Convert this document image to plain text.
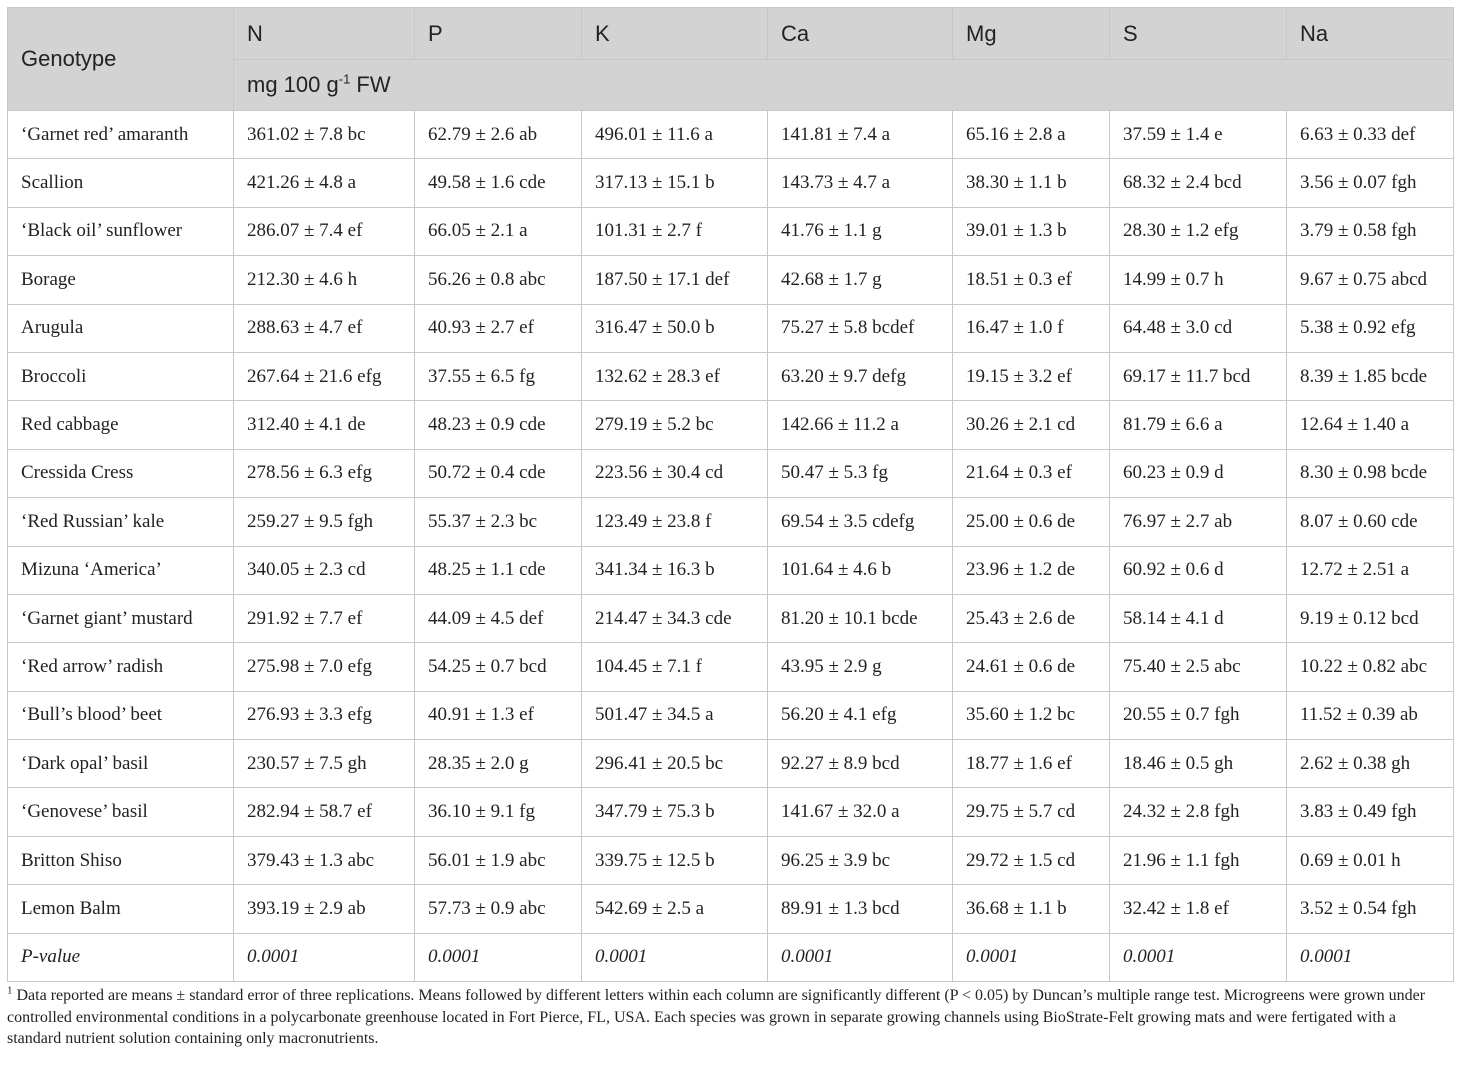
Genotype	N	P	K	Ca	Mg	S	Na
	mg 100 $g^{-1}$ FW						
‘Garnet red’ amaranth	361.02 ± 7.8 bc	62.79 ± 2.6 ab	496.01 ± 11.6 a	141.81 ± 7.4 a	65.16 ± 2.8 a	37.59 ± 1.4 e	6.63 ± 0.33 def
Scallion	421.26 ± 4.8 a	49.58 ± 1.6 cde	317.13 ± 15.1 b	143.73 ± 4.7 a	38.30 ± 1.1 b	68.32 ± 2.4 bcd	3.56 ± 0.07 fgh
‘Black oil’ sunflower	286.07 ± 7.4 ef	66.05 ± 2.1 a	101.31 ± 2.7 f	41.76 ± 1.1 g	39.01 ± 1.3 b	28.30 ± 1.2 efg	3.79 ± 0.58 fgh
Borage	212.30 ± 4.6 h	56.26 ± 0.8 abc	187.50 ± 17.1 def	42.68 ± 1.7 g	18.51 ± 0.3 ef	14.99 ± 0.7 h	9.67 ± 0.75 abcd
Arugula	288.63 ± 4.7 ef	40.93 ± 2.7 ef	316.47 ± 50.0 b	75.27 ± 5.8 bcdef	16.47 ± 1.0 f	64.48 ± 3.0 cd	5.38 ± 0.92 efg
Broccoli	267.64 ± 21.6 efg	37.55 ± 6.5 fg	132.62 ± 28.3 ef	63.20 ± 9.7 defg	19.15 ± 3.2 ef	69.17 ± 11.7 bcd	8.39 ± 1.85 bcde
Red cabbage	312.40 ± 4.1 de	48.23 ± 0.9 cde	279.19 ± 5.2 bc	142.66 ± 11.2 a	30.26 ± 2.1 cd	81.79 ± 6.6 a	12.64 ± 1.40 a
Cressida Cress	278.56 ± 6.3 efg	50.72 ± 0.4 cde	223.56 ± 30.4 cd	50.47 ± 5.3 fg	21.64 ± 0.3 ef	60.23 ± 0.9 d	8.30 ± 0.98 bcde
‘Red Russian’ kale	259.27 ± 9.5 fgh	55.37 ± 2.3 bc	123.49 ± 23.8 f	69.54 ± 3.5 cdefg	25.00 ± 0.6 de	76.97 ± 2.7 ab	8.07 ± 0.60 cde
Mizuna ‘America’	340.05 ± 2.3 cd	48.25 ± 1.1 cde	341.34 ± 16.3 b	101.64 ± 4.6 b	23.96 ± 1.2 de	60.92 ± 0.6 d	12.72 ± 2.51 a
‘Garnet giant’ mustard	291.92 ± 7.7 ef	44.09 ± 4.5 def	214.47 ± 34.3 cde	81.20 ± 10.1 bcde	25.43 ± 2.6 de	58.14 ± 4.1 d	9.19 ± 0.12 bcd
‘Red arrow’ radish	275.98 ± 7.0 efg	54.25 ± 0.7 bcd	104.45 ± 7.1 f	43.95 ± 2.9 g	24.61 ± 0.6 de	75.40 ± 2.5 abc	10.22 ± 0.82 abc
‘Bull’s blood’ beet	276.93 ± 3.3 efg	40.91 ± 1.3 ef	501.47 ± 34.5 a	56.20 ± 4.1 efg	35.60 ± 1.2 bc	20.55 ± 0.7 fgh	11.52 ± 0.39 ab
‘Dark opal’ basil	230.57 ± 7.5 gh	28.35 ± 2.0 g	296.41 ± 20.5 bc	92.27 ± 8.9 bcd	18.77 ± 1.6 ef	18.46 ± 0.5 gh	2.62 ± 0.38 gh
‘Genovese’ basil	282.94 ± 58.7 ef	36.10 ± 9.1 fg	347.79 ± 75.3 b	141.67 ± 32.0 a	29.75 ± 5.7 cd	24.32 ± 2.8 fgh	3.83 ± 0.49 fgh
Britton Shiso	379.43 ± 1.3 abc	56.01 ± 1.9 abc	339.75 ± 12.5 b	96.25 ± 3.9 bc	29.72 ± 1.5 cd	21.96 ± 1.1 fgh	0.69 ± 0.01 h
Lemon Balm	393.19 ± 2.9 ab	57.73 ± 0.9 abc	542.69 ± 2.5 a	89.91 ± 1.3 bcd	36.68 ± 1.1 b	32.42 ± 1.8 ef	3.52 ± 0.54 fgh
P-value	0.0001	0.0001	0.0001	0.0001	0.0001	0.0001	0.0001
$^1$ Data reported are means ± standard error of three replications. Means followed by different letters within each column are significantly different (P < 0.05) by Duncan’s multiple range test. Microgreens were grown under controlled environmental conditions in a polycarbonate greenhouse located in Fort Pierce, FL, USA. Each species was grown in separate growing channels using BioStrate-Felt growing mats and were fertigated with a standard nutrient solution containing only macronutrients.
